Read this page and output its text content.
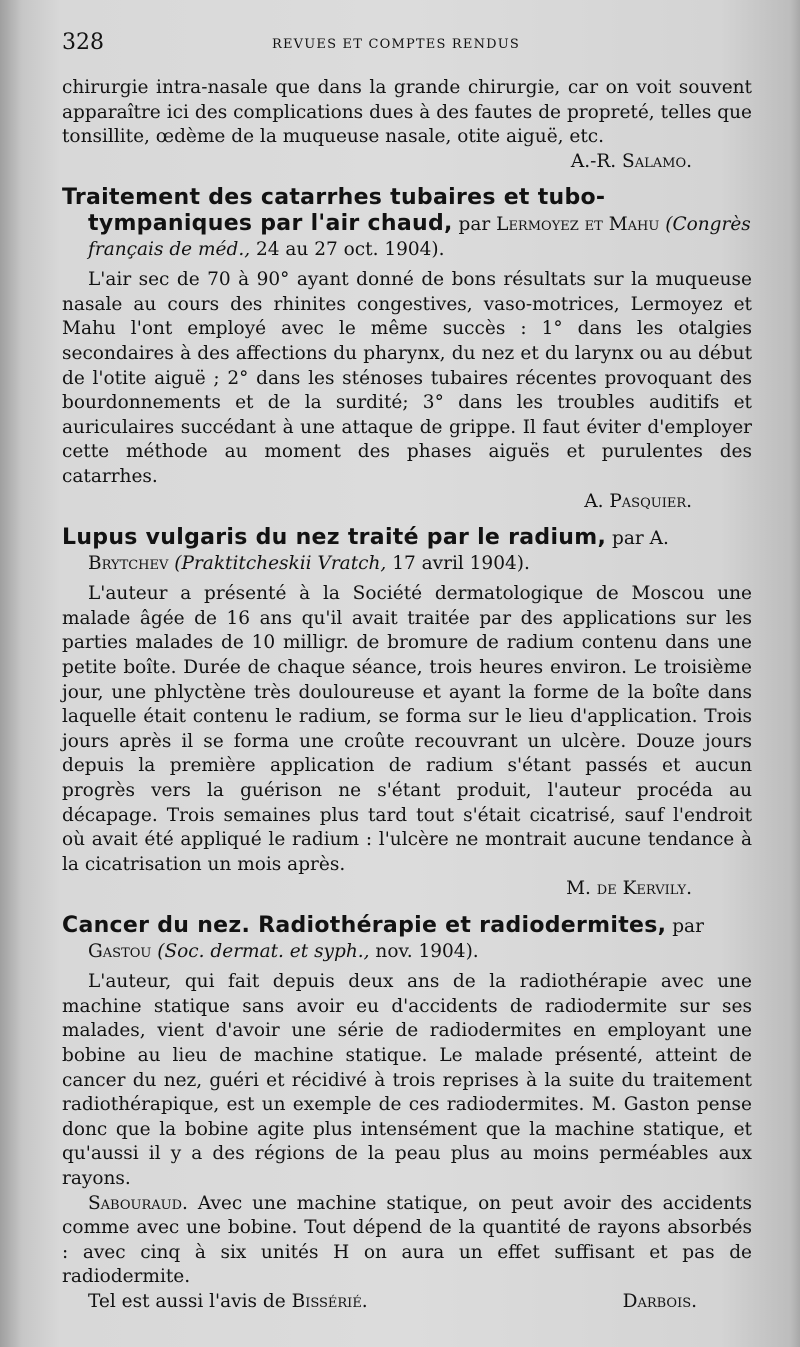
328	REVUES ET COMPTES RENDUS

chirurgie intra-nasale que dans la grande chirurgie, car on voit souvent apparaître ici des complications dues à des fautes de propreté, telles que tonsillite, œdème de la muqueuse nasale, otite aiguë, etc.

A.-R. Salamo.

Traitement des catarrhes tubaires et tubo-tympaniques par l'air chaud, par Lermoyez et Mahu (Congrès français de méd., 24 au 27 oct. 1904).

L'air sec de 70 à 90° ayant donné de bons résultats sur la muqueuse nasale au cours des rhinites congestives, vaso-motrices, Lermoyez et Mahu l'ont employé avec le même succès : 1° dans les otalgies secondaires à des affections du pharynx, du nez et du larynx ou au début de l'otite aiguë ; 2° dans les sténoses tubaires récentes provoquant des bourdonnements et de la surdité; 3° dans les troubles auditifs et auriculaires succédant à une attaque de grippe. Il faut éviter d'employer cette méthode au moment des phases aiguës et purulentes des catarrhes.

A. Pasquier.

Lupus vulgaris du nez traité par le radium, par A. Brytchev (Praktitcheskii Vratch, 17 avril 1904).

L'auteur a présenté à la Société dermatologique de Moscou une malade âgée de 16 ans qu'il avait traitée par des applications sur les parties malades de 10 milligr. de bromure de radium contenu dans une petite boîte. Durée de chaque séance, trois heures environ. Le troisième jour, une phlyctène très douloureuse et ayant la forme de la boîte dans laquelle était contenu le radium, se forma sur le lieu d'application. Trois jours après il se forma une croûte recouvrant un ulcère. Douze jours depuis la première application de radium s'étant passés et aucun progrès vers la guérison ne s'étant produit, l'auteur procéda au décapage. Trois semaines plus tard tout s'était cicatrisé, sauf l'endroit où avait été appliqué le radium : l'ulcère ne montrait aucune tendance à la cicatrisation un mois après.

M. de Kervily.

Cancer du nez. Radiothérapie et radiodermites, par Gastou (Soc. dermat. et syph., nov. 1904).

L'auteur, qui fait depuis deux ans de la radiothérapie avec une machine statique sans avoir eu d'accidents de radiodermite sur ses malades, vient d'avoir une série de radiodermites en employant une bobine au lieu de machine statique. Le malade présenté, atteint de cancer du nez, guéri et récidivé à trois reprises à la suite du traitement radiothérapique, est un exemple de ces radiodermites. M. Gaston pense donc que la bobine agite plus intensément que la machine statique, et qu'aussi il y a des régions de la peau plus au moins perméables aux rayons.

Sabouraud. Avec une machine statique, on peut avoir des accidents comme avec une bobine. Tout dépend de la quantité de rayons absorbés : avec cinq à six unités H on aura un effet suffisant et pas de radiodermite.

Tel est aussi l'avis de Bissérié.	Darbois.
